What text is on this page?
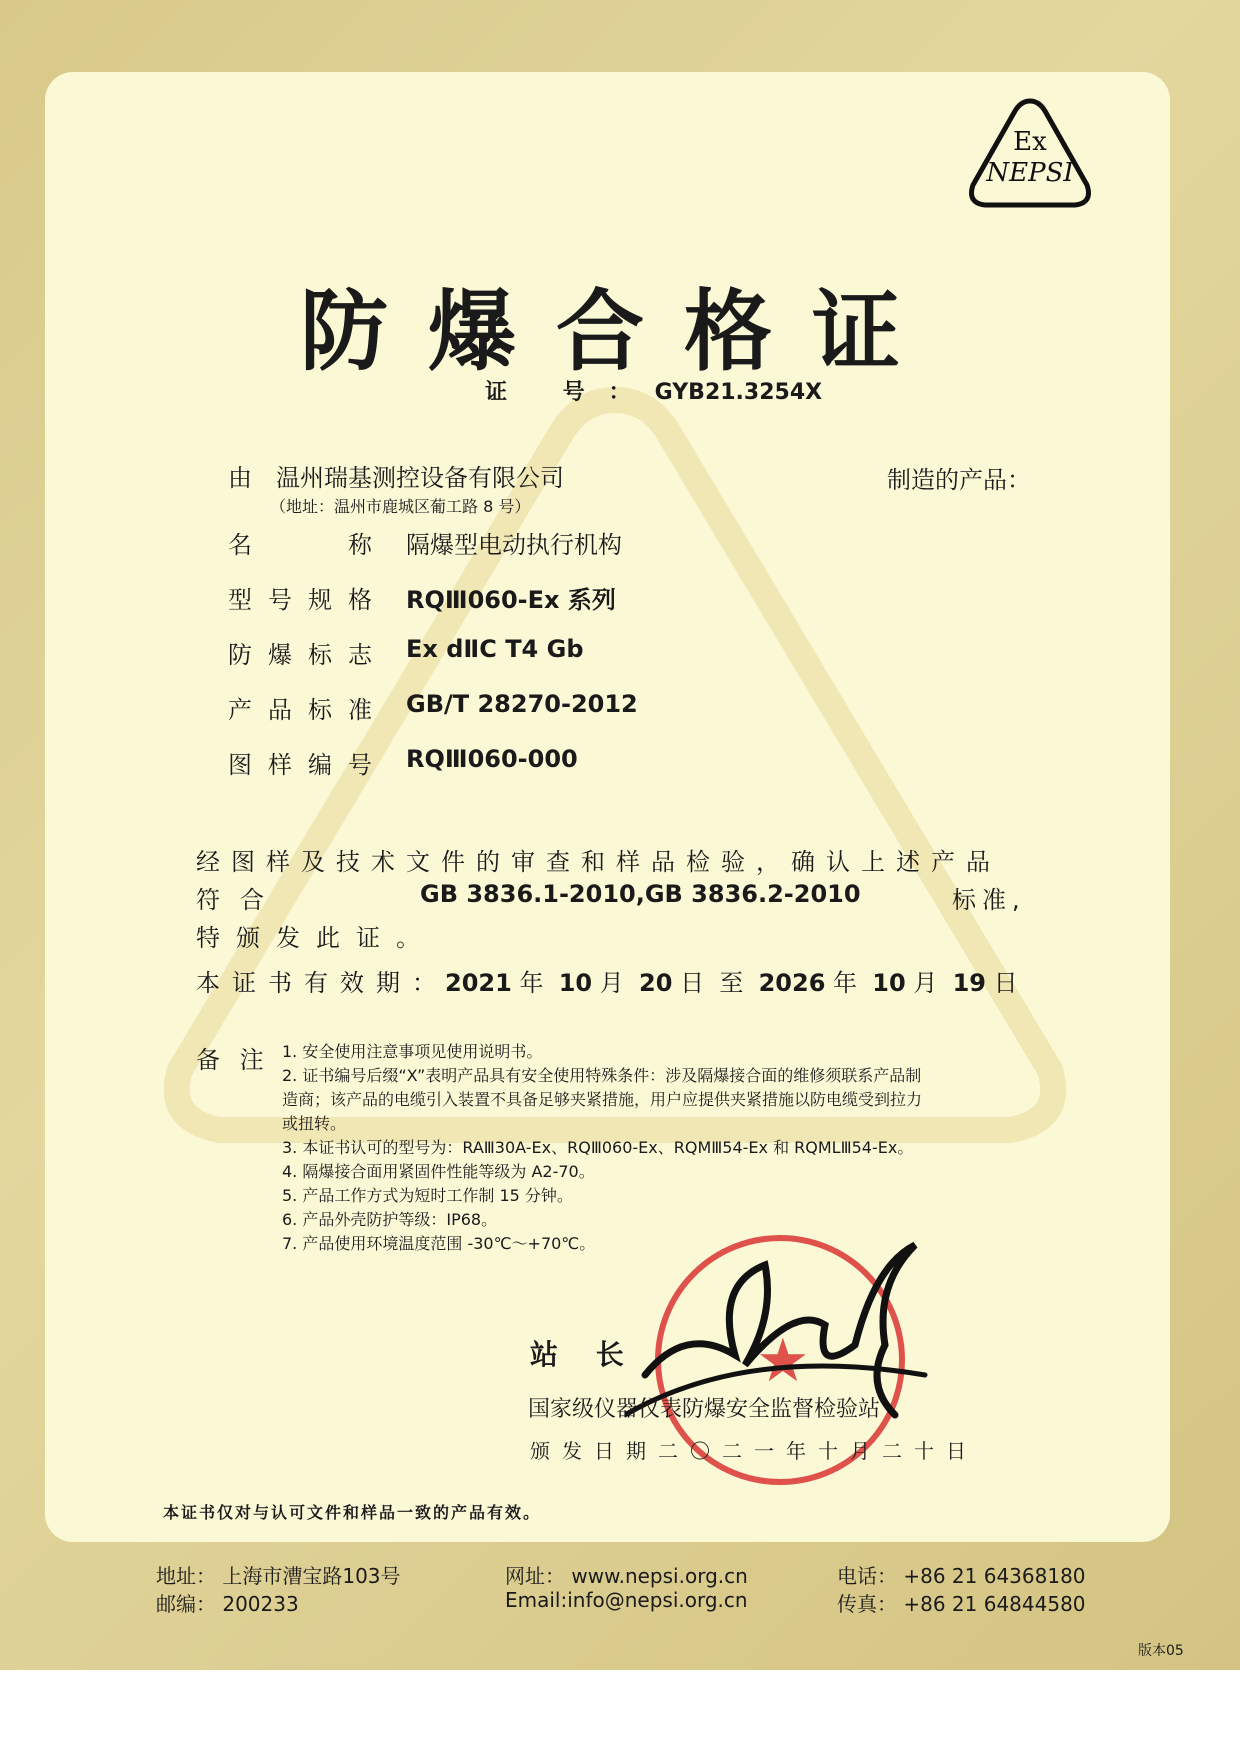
Ex
NEPSI
防爆合格证
证 号：GYB21.3254X
由 温州瑞基测控设备有限公司
（地址：温州市鹿城区葡工路 8 号）
制造的产品：
名　　称 隔爆型电动执行机构
型号规格 RQⅢ060-Ex 系列
防爆标志 Ex dⅡC T4 Gb
产品标准 GB/T 28270-2012
图样编号 RQⅢ060-000
经图样及技术文件的审查和样品检验，确认上述产品
符合	GB 3836.1-2010,GB 3836.2-2010	标准,
特颁发此证。
本证书有效期：
2021 年 10 月 20 日 至 2026 年 10 月 19 日
备 注 1. 安全使用注意事项见使用说明书。
2. 证书编号后缀“X”表明产品具有安全使用特殊条件：涉及隔爆接合面的维修须联系产品制
造商；该产品的电缆引入装置不具备足够夹紧措施，用户应提供夹紧措施以防电缆受到拉力
或扭转。
3. 本证书认可的型号为：RAⅢ30A-Ex、RQⅢ060-Ex、RQMⅢ54-Ex 和 RQMLⅢ54-Ex。
4. 隔爆接合面用紧固件性能等级为 A2-70。
5. 产品工作方式为短时工作制 15 分钟。
6. 产品外壳防护等级：IP68。
7. 产品使用环境温度范围 -30℃～+70℃。
★
站 长
国家级仪器仪表防爆安全监督检验站
颁发日期二〇二一年十月二十日
本证书仅对与认可文件和样品一致的产品有效。
地址： 上海市漕宝路103号
邮编： 200233
网址： www.nepsi.org.cn
Email:info@nepsi.org.cn
电话： +86 21 64368180
传真： +86 21 64844580
版本05
